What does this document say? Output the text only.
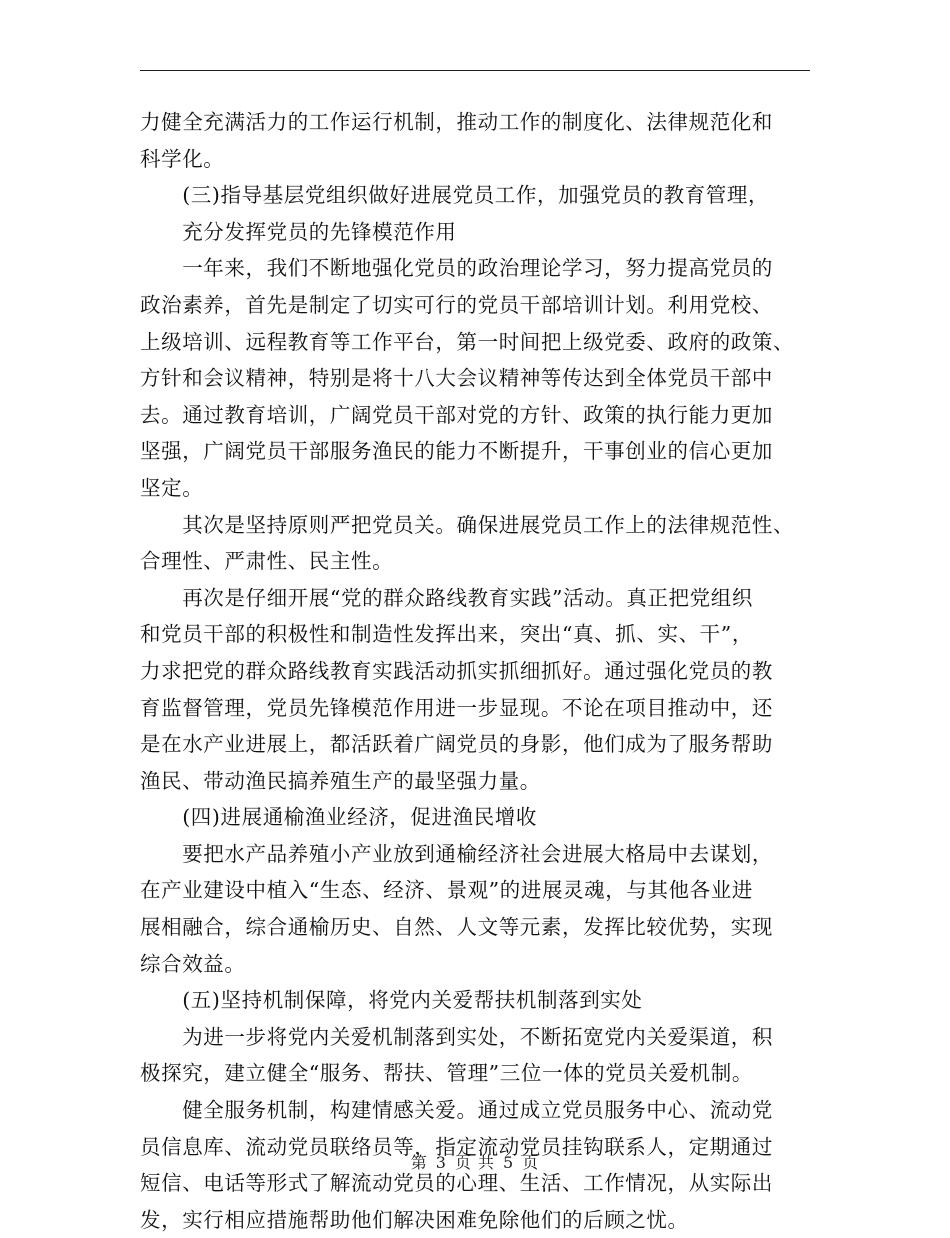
力健全充满活力的工作运行机制，推动工作的制度化、法律规范化和
科学化。
　　(三)指导基层党组织做好进展党员工作，加强党员的教育管理，
　　充分发挥党员的先锋模范作用
　　一年来，我们不断地强化党员的政治理论学习，努力提高党员的
政治素养，首先是制定了切实可行的党员干部培训计划。利用党校、
上级培训、远程教育等工作平台，第一时间把上级党委、政府的政策、
方针和会议精神，特别是将十八大会议精神等传达到全体党员干部中
去。通过教育培训，广阔党员干部对党的方针、政策的执行能力更加
坚强，广阔党员干部服务渔民的能力不断提升，干事创业的信心更加
坚定。
　　其次是坚持原则严把党员关。确保进展党员工作上的法律规范性、
合理性、严肃性、民主性。
　　再次是仔细开展“党的群众路线教育实践”活动。真正把党组织
和党员干部的积极性和制造性发挥出来，突出“真、抓、实、干”，
力求把党的群众路线教育实践活动抓实抓细抓好。通过强化党员的教
育监督管理，党员先锋模范作用进一步显现。不论在项目推动中，还
是在水产业进展上，都活跃着广阔党员的身影，他们成为了服务帮助
渔民、带动渔民搞养殖生产的最坚强力量。
　　(四)进展通榆渔业经济，促进渔民增收
　　要把水产品养殖小产业放到通榆经济社会进展大格局中去谋划，
在产业建设中植入“生态、经济、景观”的进展灵魂，与其他各业进
展相融合，综合通榆历史、自然、人文等元素，发挥比较优势，实现
综合效益。
　　(五)坚持机制保障，将党内关爱帮扶机制落到实处
　　为进一步将党内关爱机制落到实处，不断拓宽党内关爱渠道，积
极探究，建立健全“服务、帮扶、管理”三位一体的党员关爱机制。
　　健全服务机制，构建情感关爱。通过成立党员服务中心、流动党
员信息库、流动党员联络员等，指定流动党员挂钩联系人，定期通过
短信、电话等形式了解流动党员的心理、生活、工作情况，从实际出
发，实行相应措施帮助他们解决困难免除他们的后顾之忧。
第 3 页 共 5 页
